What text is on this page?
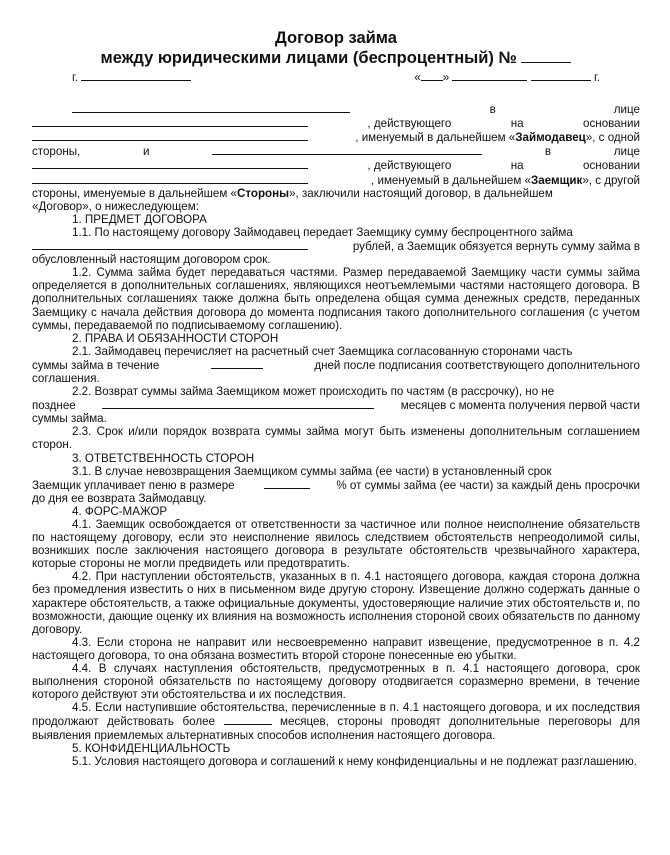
Договор займа

между юридическими лицами (беспроцентный) №

г.	« »	г.
в	лице
, действующего	на	основании
, именуемый в дальнейшем «Займодавец», с одной
стороны,	и	в	лице
, действующего	на	основании
, именуемый в дальнейшем «Заемщик», с другой

стороны, именуемые в дальнейшем «Стороны», заключили настоящий договор, в дальнейшем

«Договор», о нижеследующем:

1. ПРЕДМЕТ ДОГОВОРА

1.1. По настоящему договору Займодавец передает Заемщику сумму беспроцентного займа

рублей, а Заемщик обязуется вернуть сумму займа в

обусловленный настоящим договором срок.

1.2. Сумма займа будет передаваться частями. Размер передаваемой Заемщику части суммы займа определяется в дополнительных соглашениях, являющихся неотъемлемыми частями настоящего договора. В дополнительных соглашениях также должна быть определена общая сумма денежных средств, переданных Заемщику с начала действия договора до момента подписания такого дополнительного соглашения (с учетом суммы, передаваемой по подписываемому соглашению).

2. ПРАВА И ОБЯЗАННОСТИ СТОРОН

2.1. Займодавец перечисляет на расчетный счет Заемщика согласованную сторонами часть

суммы займа в течение	дней после подписания соответствующего дополнительного

соглашения.

2.2. Возврат суммы займа Заемщиком может происходить по частям (в рассрочку), но не

позднее	месяцев с момента получения первой части

суммы займа.

2.3. Срок и/или порядок возврата суммы займа могут быть изменены дополнительным соглашением сторон.

3. ОТВЕТСТВЕННОСТЬ СТОРОН

3.1. В случае невозвращения Заемщиком суммы займа (ее части) в установленный срок

Заемщик уплачивает пеню в размере	% от суммы займа (ее части) за каждый день просрочки

до дня ее возврата Займодавцу.

4. ФОРС-МАЖОР

4.1. Заемщик освобождается от ответственности за частичное или полное неисполнение обязательств по настоящему договору, если это неисполнение явилось следствием обстоятельств непреодолимой силы, возникших после заключения настоящего договора в результате обстоятельств чрезвычайного характера, которые стороны не могли предвидеть или предотвратить.

4.2. При наступлении обстоятельств, указанных в п. 4.1 настоящего договора, каждая сторона должна без промедления известить о них в письменном виде другую сторону. Извещение должно содержать данные о характере обстоятельств, а также официальные документы, удостоверяющие наличие этих обстоятельств и, по возможности, дающие оценку их влияния на возможность исполнения стороной своих обязательств по данному договору.

4.3. Если сторона не направит или несвоевременно направит извещение, предусмотренное в п. 4.2 настоящего договора, то она обязана возместить второй стороне понесенные ею убытки.

4.4. В случаях наступления обстоятельств, предусмотренных в п. 4.1 настоящего договора, срок выполнения стороной обязательств по настоящему договору отодвигается соразмерно времени, в течение которого действуют эти обстоятельства и их последствия.

4.5. Если наступившие обстоятельства, перечисленные в п. 4.1 настоящего договора, и их последствия продолжают действовать более	месяцев, стороны проводят дополнительные переговоры для выявления приемлемых альтернативных способов исполнения настоящего договора.

5. КОНФИДЕНЦИАЛЬНОСТЬ

5.1. Условия настоящего договора и соглашений к нему конфиденциальны и не подлежат разглашению.
